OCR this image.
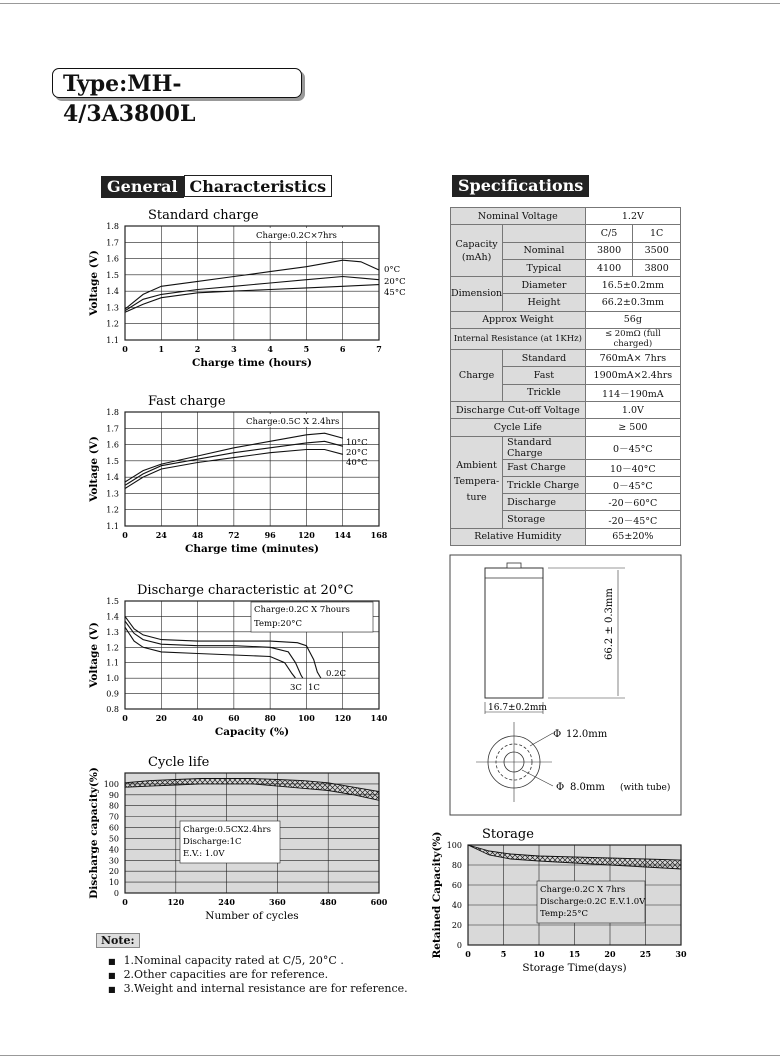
Type:MH-4/3A3800L
General Characteristics	Specifications
Nominal Voltage		1.2V	
Capacity (mAh)		C/5	1C
	Nominal	3800	3500
	Typical	4100	3800
Dimension	Diameter	16.5±0.2mm	
	Height	66.2±0.3mm	
Approx Weight		56g	
Internal Resistance (at 1KHz)		≤ 20mΩ (full charged)	
Charge	Standard	760mA× 7hrs	
	Fast	1900mA×2.4hrs	
	Trickle	114－190mA	
Discharge Cut-off Voltage		1.0V	
Cycle Life		≥ 500	
Ambient Tempera- ture	Standard Charge	0－45°C	
	Fast Charge	10－40°C	
	Trickle Charge	0－45°C	
	Discharge	-20－60°C	
	Storage	-20－45°C	
Relative Humidity		65±20%	
1.1
1.2
1.3
1.4
1.5
1.6
1.7
1.8
0	1	2	3	4	5	6	7
Standard charge
Charge time (hours)
Voltage (V)	0°C
20°C
45°C
Charge:0.2C×7hrs
1.1
1.2
1.3
1.4
1.5
1.6
1.7
1.8
0	24	48	72	96	120 144 168
Fast charge
Charge time (minutes)
Voltage (V)	10°C
20°C
40°C
Charge:0.5C X 2.4hrs
0.8
0.9
1.0
1.1
1.2
1.3
1.4
1.5
0	20	40	60	80	100 120 140
Discharge characteristic at 20°C
Capacity (%)
Voltage (V)	0.2C
1C
3C
Charge:0.2C X 7hours
Temp:20°C
0
10
20
30
40
50
60
70
80
90
100
0	120	240	360	480	600
Cycle life
Number of cycles
Discharge capacity(%)	Charge:0.5CX2.4hrs
Discharge:1C
E.V.: 1.0V
0
20
40
60
80
100
0	5	10	15	20	25	30
Storage
Storage Time(days)
Retained Capacity(%)	Charge:0.2C X 7hrs
Discharge:0.2C E.V.1.0V
Temp:25°C
66.2 ± 0.3mm
16.7±0.2mm
Φ 12.0mm
Φ 8.0mm (with tube)
Note:
■ 1.Nominal capacity rated at C/5, 20°C .
■ 2.Other capacities are for reference.
■ 3.Weight and internal resistance are for reference.
